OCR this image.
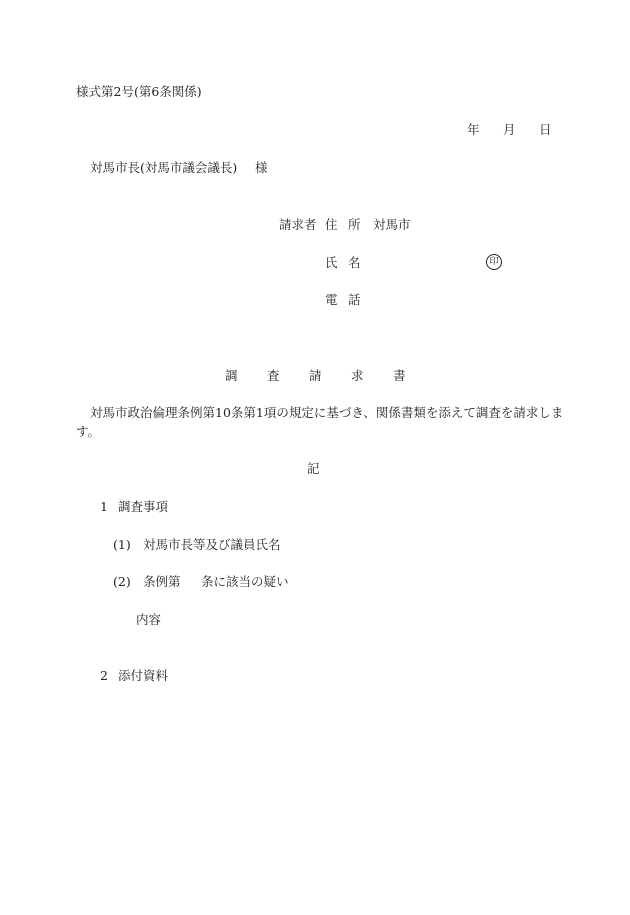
様式第2号(第6条関係)
年 月 日
対馬市長(対馬市議会議長) 様
請求者 住 所 対馬市
氏 名	印
電 話
調 査 請 求 書
対馬市政治倫理条例第10条第1項の規定に基づき、関係書類を添えて調査を請求しま
す。
記
1 調査事項
(1) 対馬市長等及び議員氏名
(2) 条例第 条に該当の疑い
内容
2 添付資料
